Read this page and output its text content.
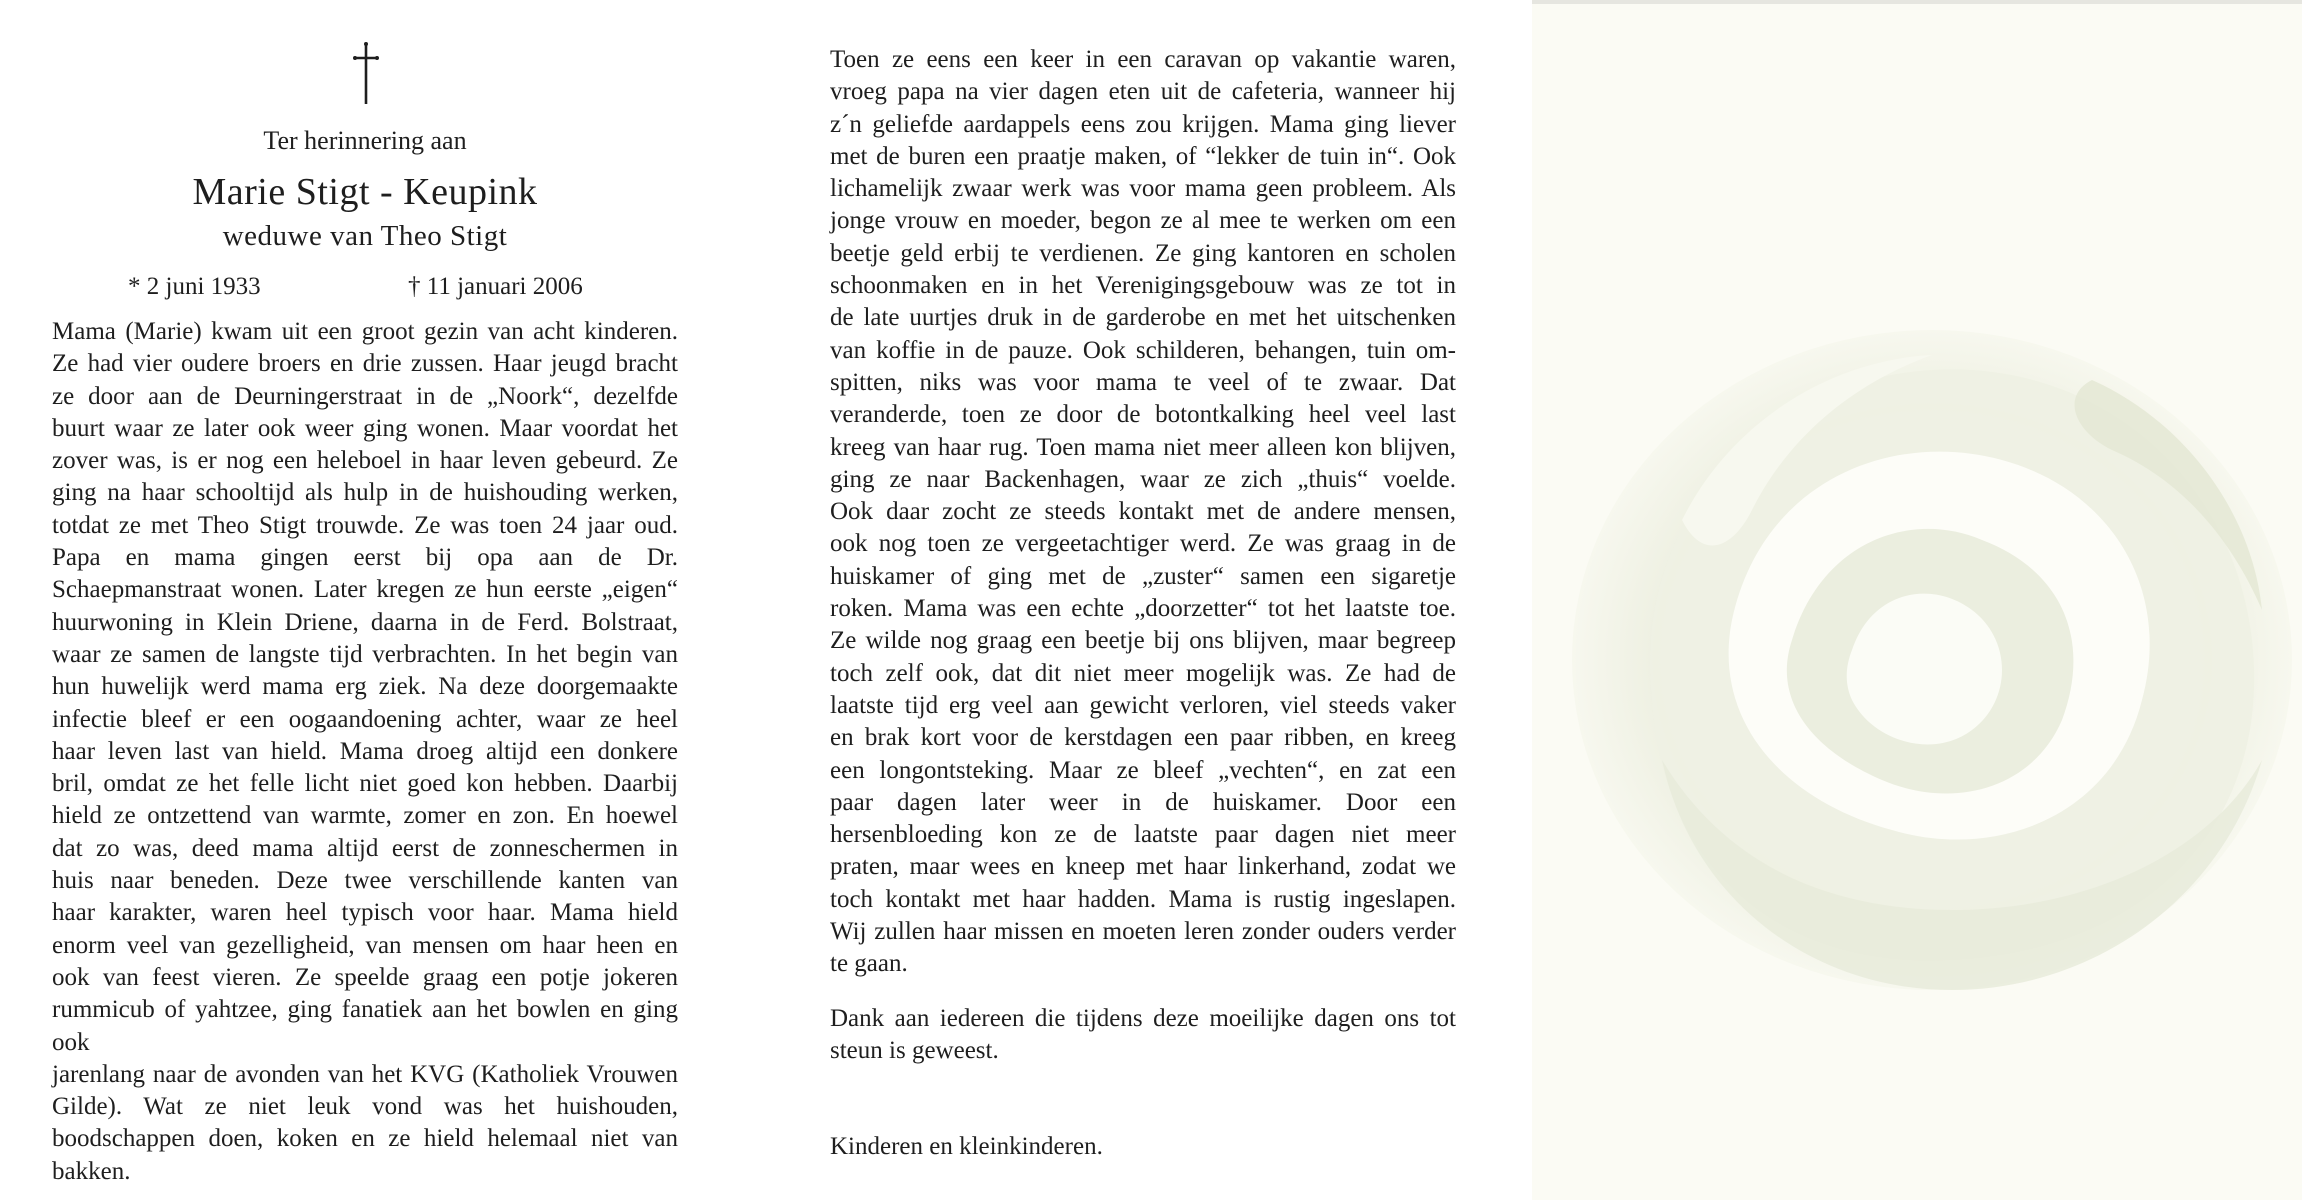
Ter herinnering aan

Marie Stigt - Keupink

weduwe van Theo Stigt

* 2 juni 1933	† 11 januari 2006

Mama (Marie) kwam uit een groot gezin van acht kinderen.
Ze had vier oudere broers en drie zussen. Haar jeugd bracht
ze door aan de Deurningerstraat in de „Noork“, dezelfde
buurt waar ze later ook weer ging wonen. Maar voordat het
zover was, is er nog een heleboel in haar leven gebeurd. Ze
ging na haar schooltijd als hulp in de huishouding werken,
totdat ze met Theo Stigt trouwde. Ze was toen 24 jaar oud.
Papa en mama gingen eerst bij opa aan de Dr.
Schaepmanstraat wonen. Later kregen ze hun eerste „eigen“
huurwoning in Klein Driene, daarna in de Ferd. Bolstraat,
waar ze samen de langste tijd verbrachten. In het begin van
hun huwelijk werd mama erg ziek. Na deze doorgemaakte
infectie bleef er een oogaandoening achter, waar ze heel
haar leven last van hield. Mama droeg altijd een donkere
bril, omdat ze het felle licht niet goed kon hebben. Daarbij
hield ze ontzettend van warmte, zomer en zon. En hoewel
dat zo was, deed mama altijd eerst de zonneschermen in
huis naar beneden. Deze twee verschillende kanten van
haar karakter, waren heel typisch voor haar. Mama hield
enorm veel van gezelligheid, van mensen om haar heen en
ook van feest vieren. Ze speelde graag een potje jokeren
rummicub of yahtzee, ging fanatiek aan het bowlen en ging ook
jarenlang naar de avonden van het KVG (Katholiek Vrouwen
Gilde). Wat ze niet leuk vond was het huishouden,
boodschappen doen, koken en ze hield helemaal niet van
bakken.
Toen ze eens een keer in een caravan op vakantie waren,
vroeg papa na vier dagen eten uit de cafeteria, wanneer hij
z´n geliefde aardappels eens zou krijgen. Mama ging liever
met de buren een praatje maken, of “lekker de tuin in“. Ook
lichamelijk zwaar werk was voor mama geen probleem. Als
jonge vrouw en moeder, begon ze al mee te werken om een
beetje geld erbij te verdienen. Ze ging kantoren en scholen
schoonmaken en in het Verenigingsgebouw was ze tot in
de late uurtjes druk in de garderobe en met het uitschenken
van koffie in de pauze. Ook schilderen, behangen, tuin om-
spitten, niks was voor mama te veel of te zwaar. Dat
veranderde, toen ze door de botontkalking heel veel last
kreeg van haar rug. Toen mama niet meer alleen kon blijven,
ging ze naar Backenhagen, waar ze zich „thuis“ voelde.
Ook daar zocht ze steeds kontakt met de andere mensen,
ook nog toen ze vergeetachtiger werd. Ze was graag in de
huiskamer of ging met de „zuster“ samen een sigaretje
roken. Mama was een echte „doorzetter“ tot het laatste toe.
Ze wilde nog graag een beetje bij ons blijven, maar begreep
toch zelf ook, dat dit niet meer mogelijk was. Ze had de
laatste tijd erg veel aan gewicht verloren, viel steeds vaker
en brak kort voor de kerstdagen een paar ribben, en kreeg
een longontsteking. Maar ze bleef „vechten“, en zat een
paar dagen later weer in de huiskamer. Door een
hersenbloeding kon ze de laatste paar dagen niet meer
praten, maar wees en kneep met haar linkerhand, zodat we
toch kontakt met haar hadden. Mama is rustig ingeslapen.
Wij zullen haar missen en moeten leren zonder ouders verder
te gaan.
Dank aan iedereen die tijdens deze moeilijke dagen ons tot
steun is geweest.

Kinderen en kleinkinderen.
